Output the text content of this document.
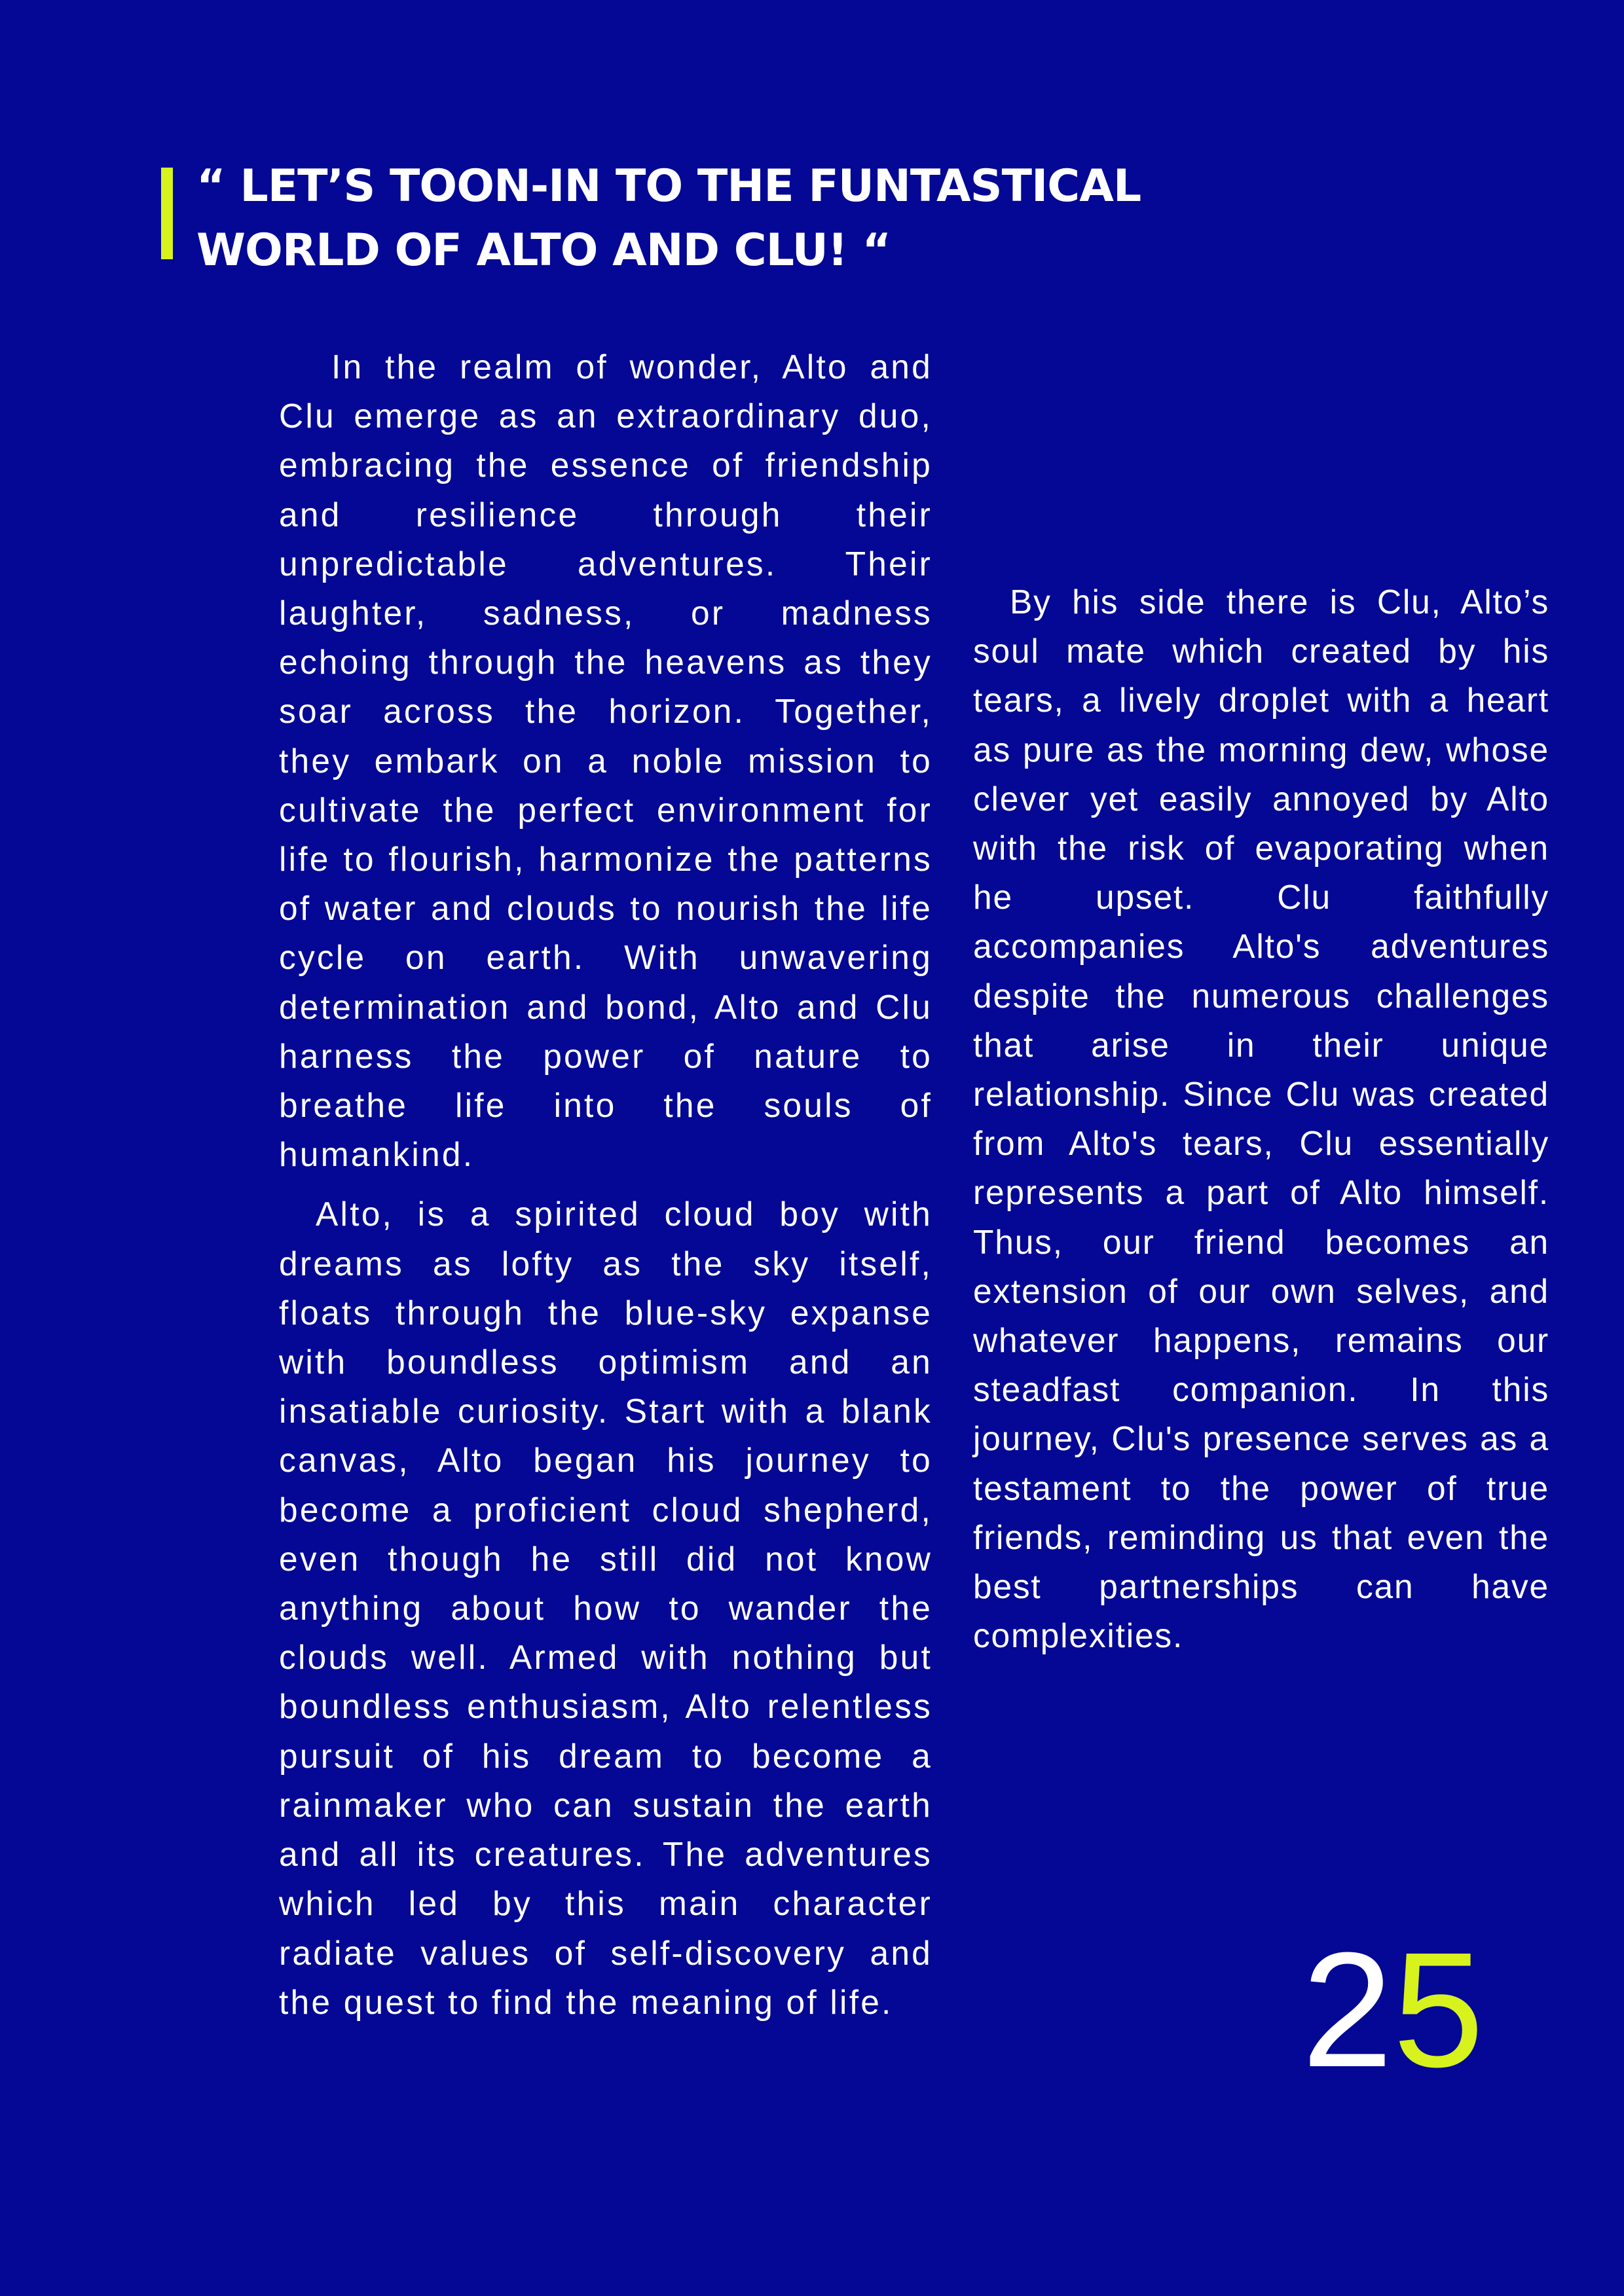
“ LET’S TOON-IN TO THE FUNTASTICAL
WORLD OF ALTO AND CLU! “

In the realm of wonder, Alto and Clu emerge as an extraordinary duo, embracing the essence of friendship and resilience through their unpredictable adventures. Their laughter, sadness, or madness echoing through the heavens as they soar across the horizon. Together, they embark on a noble mission to cultivate the perfect environment for life to flourish, harmonize the patterns of water and clouds to nourish the life cycle on earth. With unwavering determination and bond, Alto and Clu harness the power of nature to breathe life into the souls of humankind.

Alto, is a spirited cloud boy with dreams as lofty as the sky itself, floats through the blue-sky expanse with boundless optimism and an insatiable curiosity. Start with a blank canvas, Alto began his journey to become a proficient cloud shepherd, even though he still did not know anything about how to wander the clouds well. Armed with nothing but boundless enthusiasm, Alto relentless pursuit of his dream to become a rainmaker who can sustain the earth and all its creatures. The adventures which led by this main character radiate values of self-discovery and the quest to find the meaning of life.

By his side there is Clu, Alto’s soul mate which created by his tears, a lively droplet with a heart as pure as the morning dew, whose clever yet easily annoyed by Alto with the risk of evaporating when he upset. Clu faithfully accompanies Alto's adventures despite the numerous challenges that arise in their unique relationship. Since Clu was created from Alto's tears, Clu essentially represents a part of Alto himself. Thus, our friend becomes an extension of our own selves, and whatever happens, remains our steadfast companion. In this journey, Clu's presence serves as a testament to the power of true friends, reminding us that even the best partnerships can have complexities.

25
